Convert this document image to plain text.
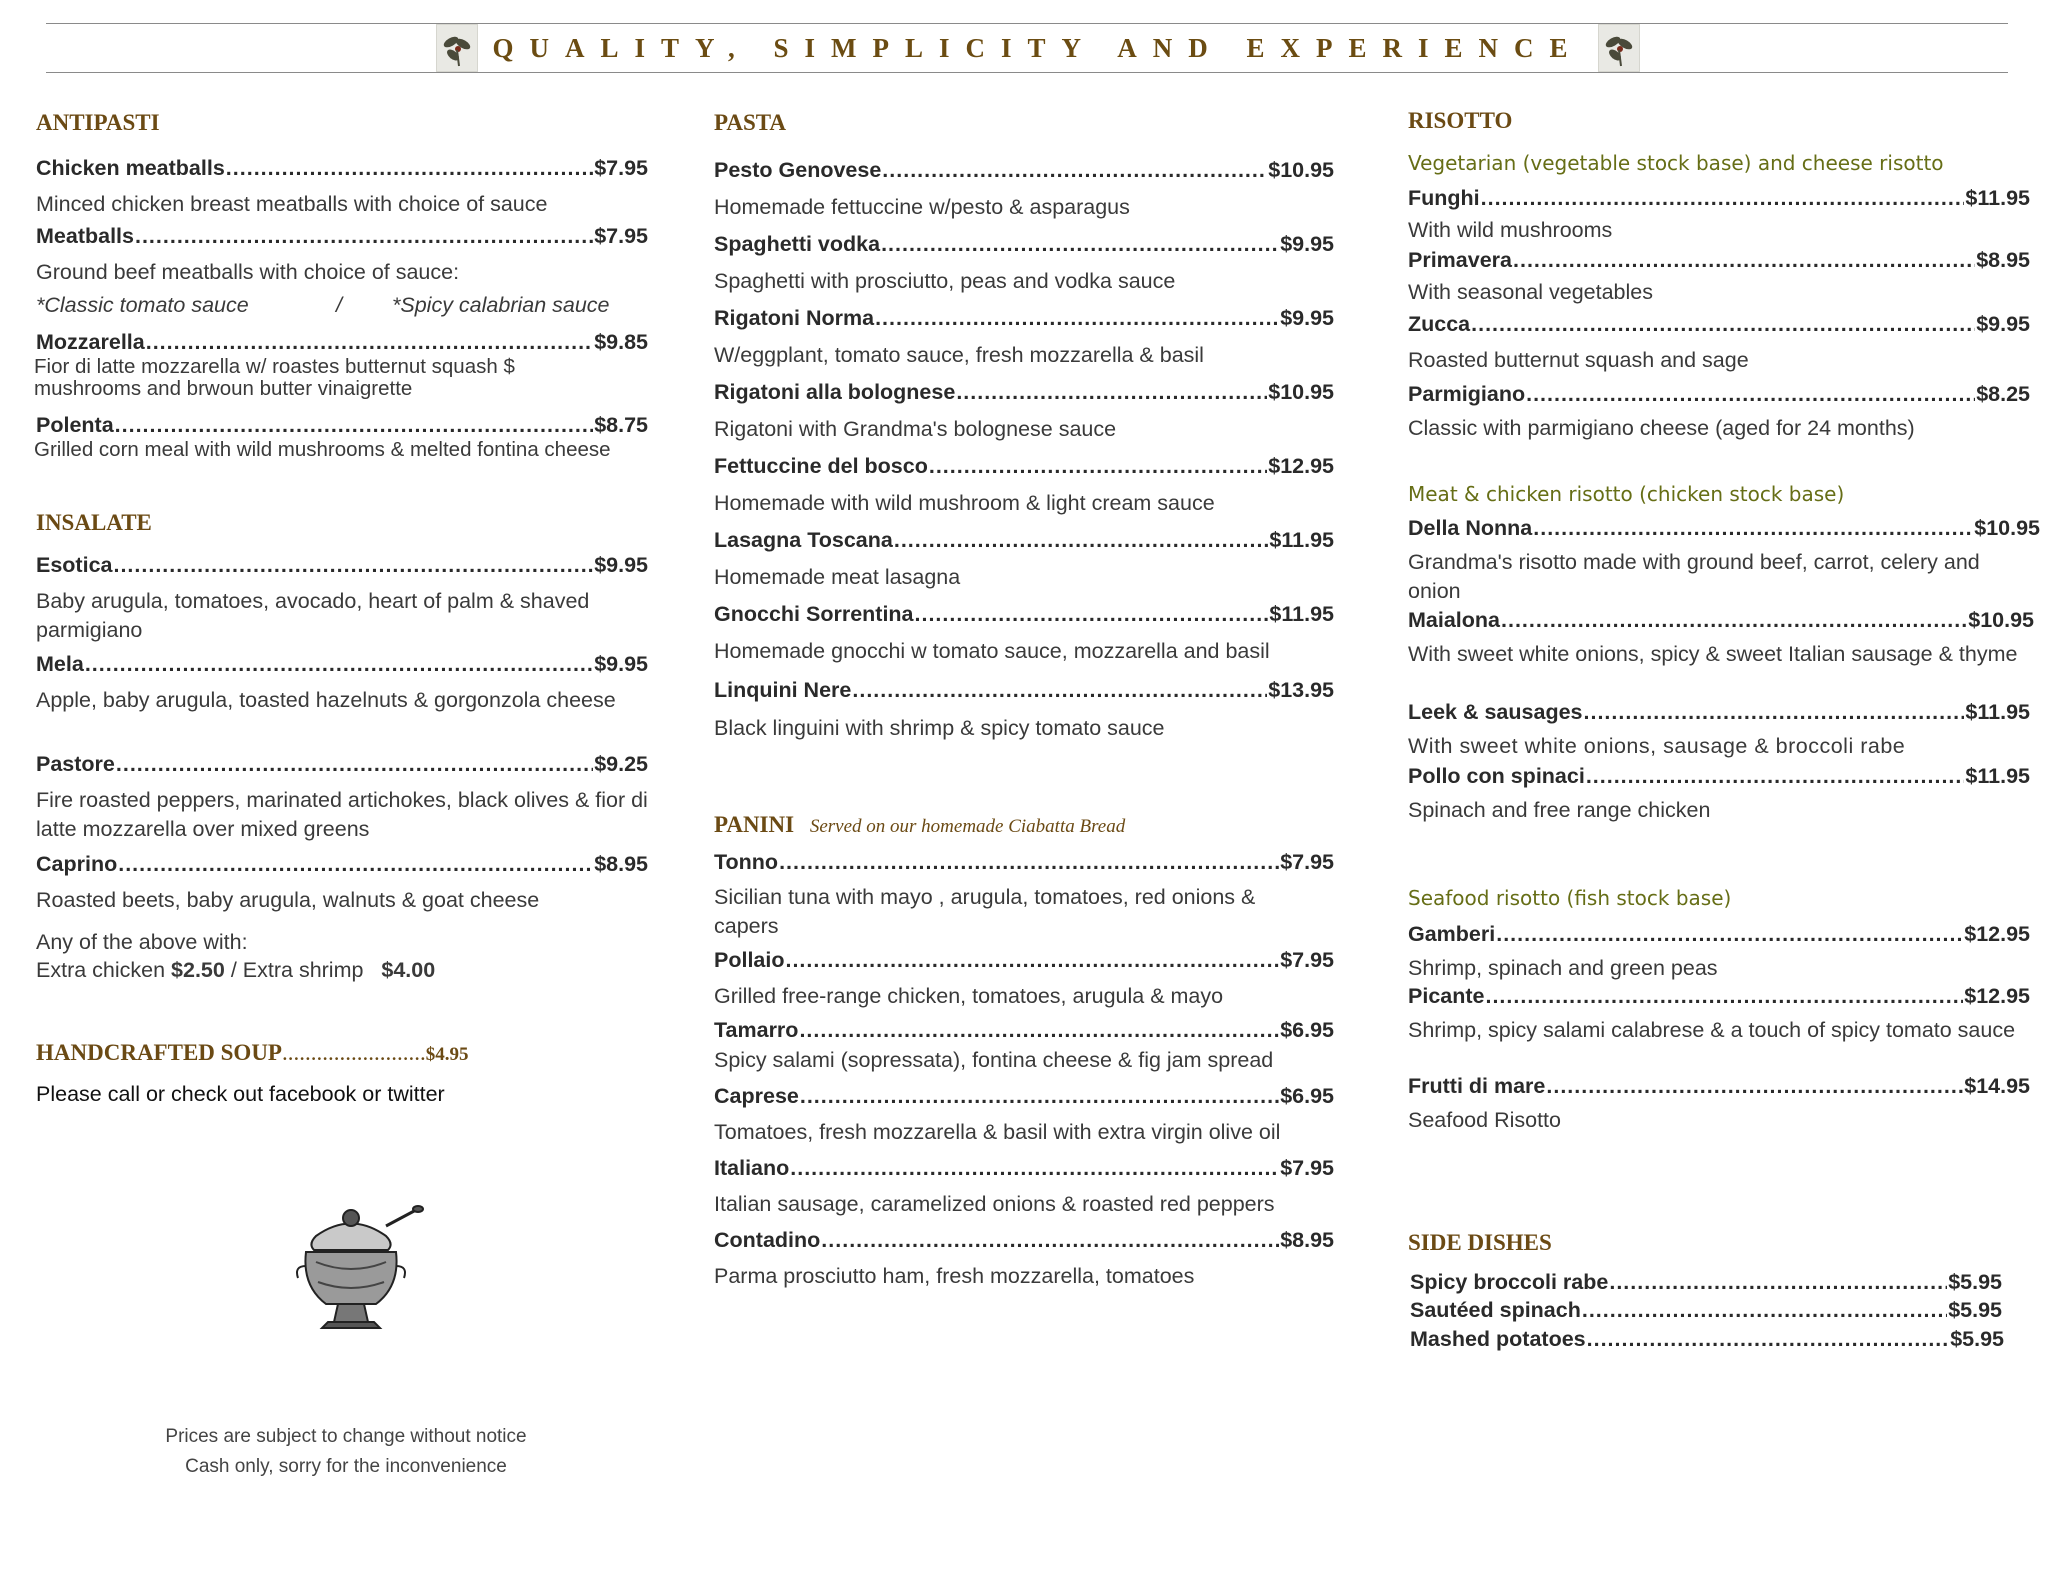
QUALITY, SIMPLICITY AND EXPERIENCE
ANTIPASTI
Chicken meatballs .....	$7.95
Minced chicken breast meatballs with choice of sauce
Meatballs .....	$7.95
Ground beef meatballs with choice of sauce:
*Classic tomato sauce	/ *Spicy calabrian sauce
Mozzarella .....	$9.85
Fior di latte mozzarella w/ roastes butternut squash $ mushrooms and brwoun butter vinaigrette
Polenta .....	$8.75
Grilled corn meal with wild mushrooms & melted fontina cheese
INSALATE
Esotica .....	$9.95
Baby arugula, tomatoes, avocado, heart of palm & shaved parmigiano
Mela .....	$9.95
Apple, baby arugula, toasted hazelnuts & gorgonzola cheese
Pastore .....	$9.25
Fire roasted peppers, marinated artichokes, black olives & fior di latte mozzarella over mixed greens
Caprino .....	$8.95
Roasted beets, baby arugula, walnuts & goat cheese
Any of the above with:
Extra chicken $2.50 / Extra shrimp $4.00
HANDCRAFTED SOUP.........................$4.95
Please call or check out facebook or twitter
Prices are subject to change without notice
Cash only, sorry for the inconvenience
PASTA
Pesto Genovese .....	$10.95
Homemade fettuccine w/pesto & asparagus
Spaghetti vodka .....	$9.95
Spaghetti with prosciutto, peas and vodka sauce
Rigatoni Norma .....	$9.95
W/eggplant, tomato sauce, fresh mozzarella & basil
Rigatoni alla bolognese .....	$10.95
Rigatoni with Grandma's bolognese sauce
Fettuccine del bosco .....	$12.95
Homemade with wild mushroom & light cream sauce
Lasagna Toscana .....	$11.95
Homemade meat lasagna
Gnocchi Sorrentina .....	$11.95
Homemade gnocchi w tomato sauce, mozzarella and basil
Linquini Nere .....	$13.95
Black linguini with shrimp & spicy tomato sauce
PANINI Served on our homemade Ciabatta Bread
Tonno .....	$7.95
Sicilian tuna with mayo , arugula, tomatoes, red onions & capers
Pollaio .....	$7.95
Grilled free-range chicken, tomatoes, arugula & mayo
Tamarro .....	$6.95
Spicy salami (sopressata), fontina cheese & fig jam spread
Caprese .....	$6.95
Tomatoes, fresh mozzarella & basil with extra virgin olive oil
Italiano .....	$7.95
Italian sausage, caramelized onions & roasted red peppers
Contadino .....	$8.95
Parma prosciutto ham, fresh mozzarella, tomatoes
RISOTTO
Vegetarian (vegetable stock base) and cheese risotto
Funghi .....	$11.95
With wild mushrooms
Primavera .....	$8.95
With seasonal vegetables
Zucca .....	$9.95
Roasted butternut squash and sage
Parmigiano .....	$8.25
Classic with parmigiano cheese (aged for 24 months)
Meat & chicken risotto (chicken stock base)
Della Nonna .....	$10.95
Grandma's risotto made with ground beef, carrot, celery and onion
Maialona .....	$10.95
With sweet white onions, spicy & sweet Italian sausage & thyme
Leek & sausages .....	$11.95
With sweet white onions, sausage & broccoli rabe
Pollo con spinaci .....	$11.95
Spinach and free range chicken
Seafood risotto (fish stock base)
Gamberi .....	$12.95
Shrimp, spinach and green peas
Picante .....	$12.95
Shrimp, spicy salami calabrese & a touch of spicy tomato sauce
Frutti di mare .....	$14.95
Seafood Risotto
SIDE DISHES
Spicy broccoli rabe .....	$5.95
Sautéed spinach .....	$5.95
Mashed potatoes .....	$5.95
